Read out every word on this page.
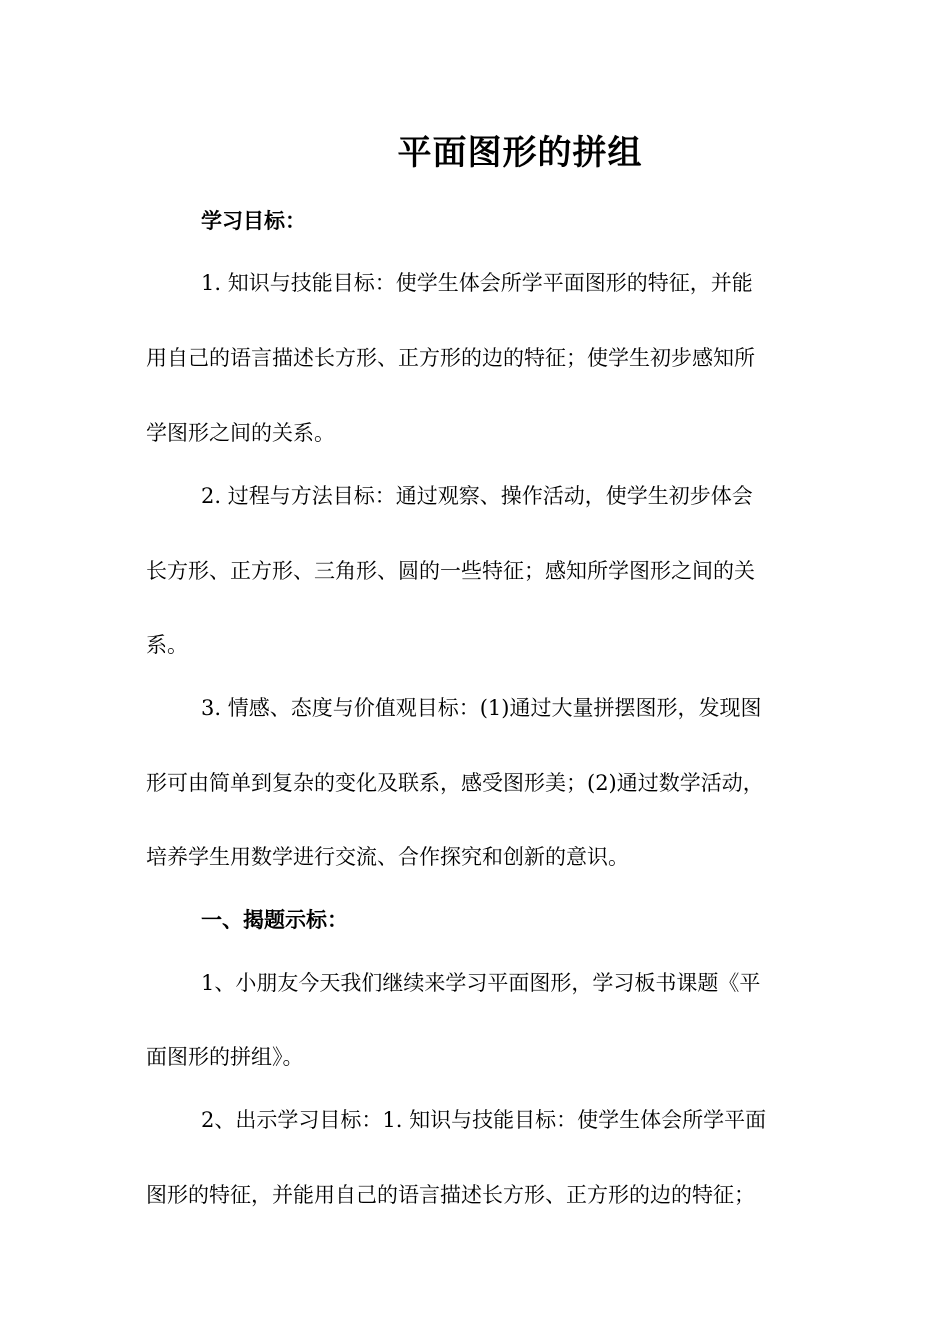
平面图形的拼组

学习目标：

1. 知识与技能目标：使学生体会所学平面图形的特征，并能

用自己的语言描述长方形、正方形的边的特征；使学生初步感知所

学图形之间的关系。

2. 过程与方法目标：通过观察、操作活动，使学生初步体会

长方形、正方形、三角形、圆的一些特征；感知所学图形之间的关

系。

3. 情感、态度与价值观目标：(1)通过大量拼摆图形，发现图

形可由简单到复杂的变化及联系，感受图形美；(2)通过数学活动，

培养学生用数学进行交流、合作探究和创新的意识。

一、揭题示标：

1、小朋友今天我们继续来学习平面图形，学习板书课题《平

面图形的拼组》。

2、出示学习目标：1. 知识与技能目标：使学生体会所学平面

图形的特征，并能用自己的语言描述长方形、正方形的边的特征；
